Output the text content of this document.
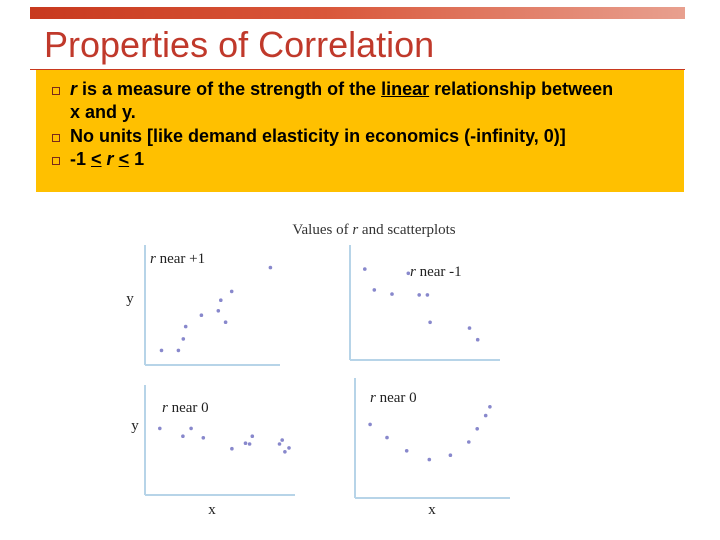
Properties of Correlation
r is a measure of the strength of the linear relationship between
x and y.
No units [like demand elasticity in economics (-infinity, 0)]
-1 < r < 1
Values of r and scatterplots
r near +1
y
r near -1
r near 0
y
x
r near 0
x
